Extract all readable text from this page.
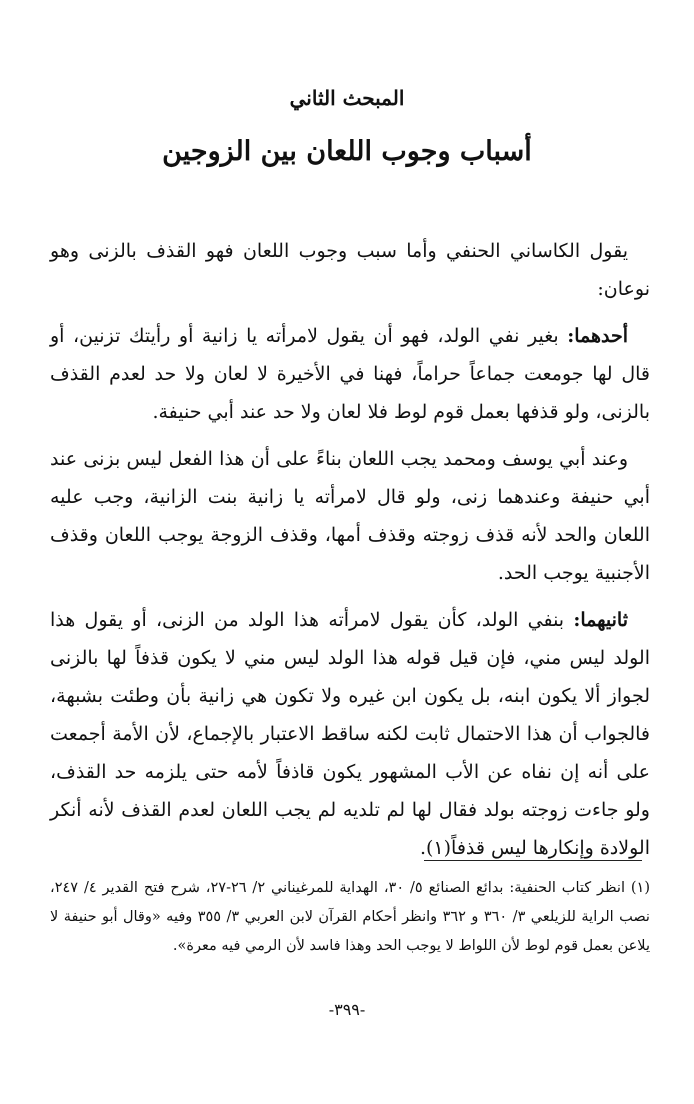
المبحث الثاني
أسباب وجوب اللعان بين الزوجين

يقول الكاساني الحنفي وأما سبب وجوب اللعان فهو القذف بالزنى وهو نوعان:

أحدهما: بغير نفي الولد، فهو أن يقول لامرأته يا زانية أو رأيتك تزنين، أو قال لها جومعت جماعاً حراماً، فهنا في الأخيرة لا لعان ولا حد لعدم القذف بالزنى، ولو قذفها بعمل قوم لوط فلا لعان ولا حد عند أبي حنيفة.

وعند أبي يوسف ومحمد يجب اللعان بناءً على أن هذا الفعل ليس بزنى عند أبي حنيفة وعندهما زنى، ولو قال لامرأته يا زانية بنت الزانية، وجب عليه اللعان والحد لأنه قذف زوجته وقذف أمها، وقذف الزوجة يوجب اللعان وقذف الأجنبية يوجب الحد.

ثانيهما: بنفي الولد، كأن يقول لامرأته هذا الولد من الزنى، أو يقول هذا الولد ليس مني، فإن قيل قوله هذا الولد ليس مني لا يكون قذفاً لها بالزنى لجواز ألا يكون ابنه، بل يكون ابن غيره ولا تكون هي زانية بأن وطئت بشبهة، فالجواب أن هذا الاحتمال ثابت لكنه ساقط الاعتبار بالإجماع، لأن الأمة أجمعت على أنه إن نفاه عن الأب المشهور يكون قاذفاً لأمه حتى يلزمه حد القذف، ولو جاءت زوجته بولد فقال لها لم تلديه لم يجب اللعان لعدم القذف لأنه أنكر الولادة وإنكارها ليس قذفاً(١).

(١) انظر كتاب الحنفية: بدائع الصنائع ٥/ ٣٠، الهداية للمرغيناني ٢/ ٢٦-٢٧، شرح فتح القدير ٤/ ٢٤٧، نصب الراية للزيلعي ٣/ ٣٦٠ و ٣٦٢ وانظر أحكام القرآن لابن العربي ٣/ ٣٥٥ وفيه «وقال أبو حنيفة لا يلاعن بعمل قوم لوط لأن اللواط لا يوجب الحد وهذا فاسد لأن الرمي فيه معرة».

-٣٩٩-
